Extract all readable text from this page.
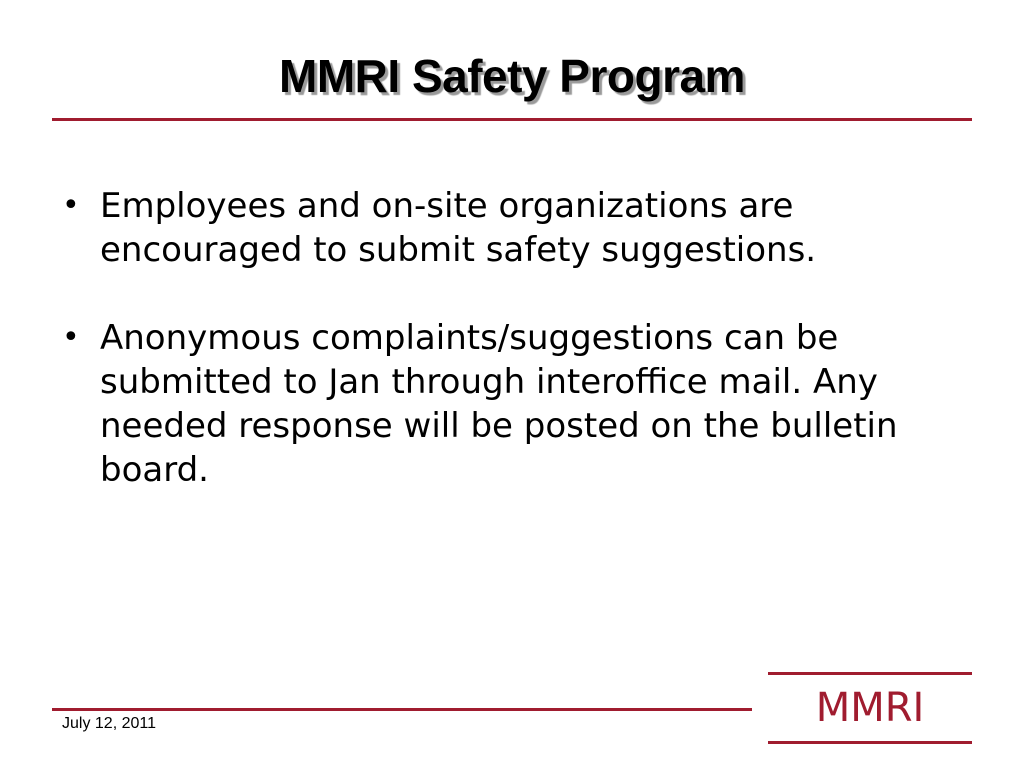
MMRI Safety Program
• Employees and on-site organizations are encouraged to submit safety suggestions.
• Anonymous complaints/suggestions can be submitted to Jan through interoffice mail. Any needed response will be posted on the bulletin board.
July 12, 2011	MMRI
